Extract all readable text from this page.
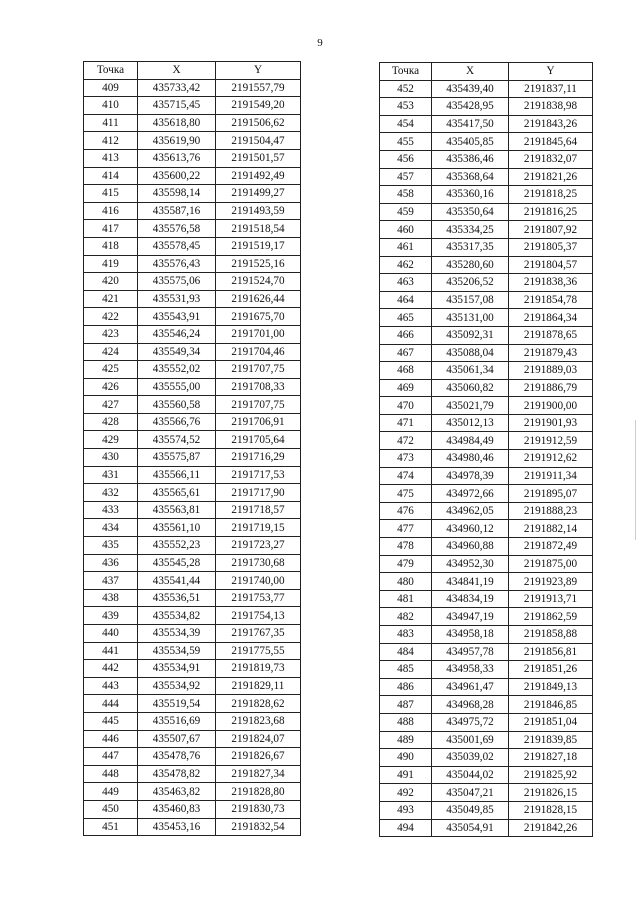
9
Точка	X	Y
409	435733,42	2191557,79
410	435715,45	2191549,20
411	435618,80	2191506,62
412	435619,90	2191504,47
413	435613,76	2191501,57
414	435600,22	2191492,49
415	435598,14	2191499,27
416	435587,16	2191493,59
417	435576,58	2191518,54
418	435578,45	2191519,17
419	435576,43	2191525,16
420	435575,06	2191524,70
421	435531,93	2191626,44
422	435543,91	2191675,70
423	435546,24	2191701,00
424	435549,34	2191704,46
425	435552,02	2191707,75
426	435555,00	2191708,33
427	435560,58	2191707,75
428	435566,76	2191706,91
429	435574,52	2191705,64
430	435575,87	2191716,29
431	435566,11	2191717,53
432	435565,61	2191717,90
433	435563,81	2191718,57
434	435561,10	2191719,15
435	435552,23	2191723,27
436	435545,28	2191730,68
437	435541,44	2191740,00
438	435536,51	2191753,77
439	435534,82	2191754,13
440	435534,39	2191767,35
441	435534,59	2191775,55
442	435534,91	2191819,73
443	435534,92	2191829,11
444	435519,54	2191828,62
445	435516,69	2191823,68
446	435507,67	2191824,07
447	435478,76	2191826,67
448	435478,82	2191827,34
449	435463,82	2191828,80
450	435460,83	2191830,73
451	435453,16	2191832,54
Точка	X	Y
452	435439,40	2191837,11
453	435428,95	2191838,98
454	435417,50	2191843,26
455	435405,85	2191845,64
456	435386,46	2191832,07
457	435368,64	2191821,26
458	435360,16	2191818,25
459	435350,64	2191816,25
460	435334,25	2191807,92
461	435317,35	2191805,37
462	435280,60	2191804,57
463	435206,52	2191838,36
464	435157,08	2191854,78
465	435131,00	2191864,34
466	435092,31	2191878,65
467	435088,04	2191879,43
468	435061,34	2191889,03
469	435060,82	2191886,79
470	435021,79	2191900,00
471	435012,13	2191901,93
472	434984,49	2191912,59
473	434980,46	2191912,62
474	434978,39	2191911,34
475	434972,66	2191895,07
476	434962,05	2191888,23
477	434960,12	2191882,14
478	434960,88	2191872,49
479	434952,30	2191875,00
480	434841,19	2191923,89
481	434834,19	2191913,71
482	434947,19	2191862,59
483	434958,18	2191858,88
484	434957,78	2191856,81
485	434958,33	2191851,26
486	434961,47	2191849,13
487	434968,28	2191846,85
488	434975,72	2191851,04
489	435001,69	2191839,85
490	435039,02	2191827,18
491	435044,02	2191825,92
492	435047,21	2191826,15
493	435049,85	2191828,15
494	435054,91	2191842,26
